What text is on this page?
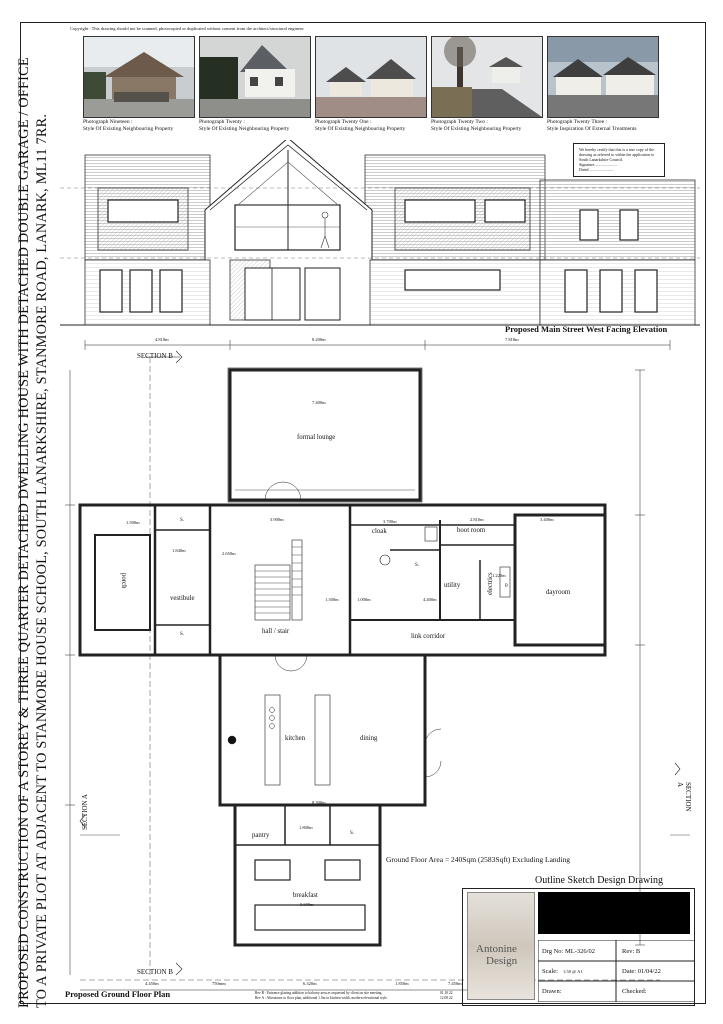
PROPOSED CONSTRUCTION OF A STOREY & THREE QUARTER DETACHED DWELLING HOUSE WITH DETACHED DOUBLE GARAGE / OFFICE TO A PRIVATE PLOT AT ADJACENT TO STANMORE HOUSE SCHOOL, SOUTH LANARKSHIRE, STANMORE ROAD, LANARK, ML11 7RR.
Copyright : This drawing should not be scanned, photocopied or duplicated without consent from the architect/structural engineer.
Photograph Nineteen :
Style Of Existing Neighbouring Property
Photograph Twenty :
Style Of Existing Neighbouring Property
Photograph Twenty One :
Style Of Existing Neighbouring Property
Photograph Twenty Two :
Style Of Existing Neighbouring Property
Photograph Twenty Three :
Style Inspiration Of External Treatments
We hereby certify that this is a true copy of the drawing as referred to within the application to South Lanarkshire Council.
Signature.......................
Dated ........................
Proposed Main Street West Facing Elevation
formal lounge
cloak	boot room
utility	electrics	dayroom
porch
vestibule
hall / stair
link corridor
kitchen	dining
pantry
breakfast
S.
S.
S.
S.
P.
4.818m	8.200m	7.818m
7.400m
3.900m
1.500m	3.700m	2.810m	3.400m
1.840m
2.650m
1.300m	1.000m	4.400m
1.220m
8.300m
1.800m
5.600m
4.450m	750mm	6.320m	1.850m	7.450m
SECTION B
SECTION B
SECTION A	SECTION A
Ground Floor Area = 240Sqm (2583Sqft) Excluding Landing
Proposed Ground Floor Plan	Rev B : Entrance glazing addition to balcony area as requested by client on site meeting.
Rev A : Alterations to floor plan, additional 1.5m to kitchen width, modern elevational style.
01.10.22
12.09.22
Outline Sketch Design Drawing
Antonine
Design
Drg No: ML-326/02	Rev: B
Scale: 1:50 @ A1	Date: 01/04/22
Drawn:	Checked:
